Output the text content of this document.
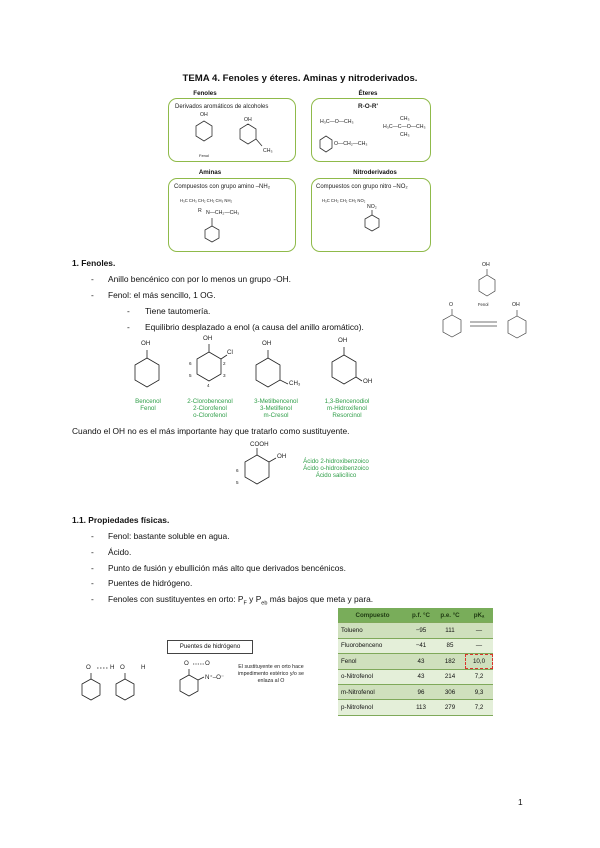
TEMA 4. Fenoles y éteres. Aminas y nitroderivados.
Fenoles
Derivados aromáticos de alcoholes
OH
OH
CH₃
Fenol
Éteres
R-O-R'
H₃C—O—CH₃
O—CH₂—CH₃
CH₃
H₃C—C—O—CH₃
CH₃
Aminas
Compuestos con grupo amino –NH₂
H₃C CH₃ CH₂ CH₂ CH₃ NH₂
N—CH₂—CH₃
R
Nitroderivados
Compuestos con grupo nitro –NO₂
H₃C CH₂ CH₂ CH₂ NO₂
NO₂
1. Fenoles.
- Anillo bencénico con por lo menos un grupo -OH.
- Fenol: el más sencillo, 1 OG.
- Tiene tautomería.
- Equilibrio desplazado a enol (a causa del anillo aromático).
OH
O	Fenol	OH
OH
OH
Cl
2
3
4
5
6
OH
CH₃
OH
OH
Bencenol
Fenol
2-Clorobencenol
2-Clorofenol
o-Clorofenol
3-Metilbencenol
3-Metilfenol
m-Cresol
1,3-Bencenodiol
m-Hidroxifenol
Resorcinol
Cuando el OH no es el más importante hay que tratarlo como sustituyente.
COOH
OH
6
5
Ácido 2-hidroxibenzoico
Ácido o-hidroxibenzoico
Ácido salicílico
1.1. Propiedades físicas.
- Fenol: bastante soluble en agua.
- Ácido.
- Punto de fusión y ebullición más alto que derivados bencénicos.
- Puentes de hidrógeno.
- Fenoles con sustituyentes en orto: $P_F$ y $P_{eb}$ más bajos que meta y para.
Puentes de hidrógeno
O	H O	H
O	O
N⁺–O⁻
El sustituyente en orto hace
impedimento estérico y/o se
enlaza al O
Compuesto	p.f. °C	p.e. °C	pKₐ
Tolueno	−95	111	—
Fluorobenceno	−41	85	—
Fenol	43	182	10,0
o-Nitrofenol	43	214	7,2
m-Nitrofenol	96	306	9,3
p-Nitrofenol	113	279	7,2
1
